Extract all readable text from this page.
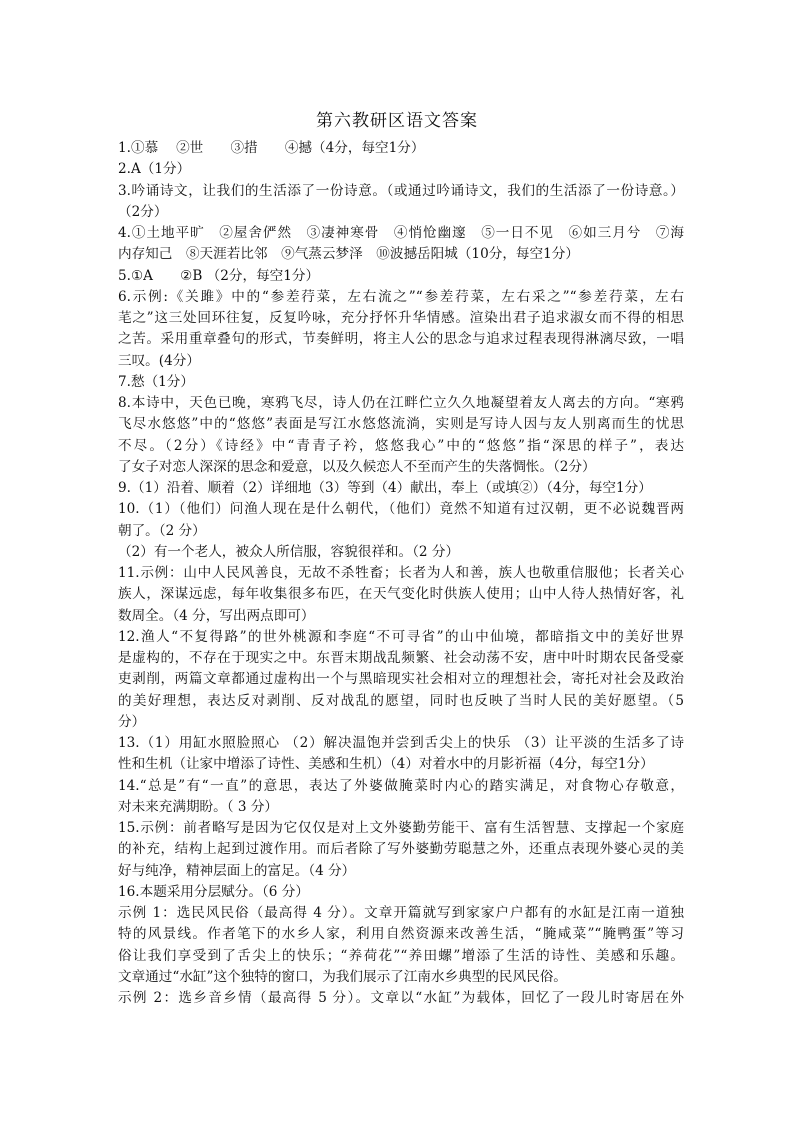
第六教研区语文答案
1.①慕　 ②世　　③措　　④撼（4分，每空1分）
2.A（1分）
3.吟诵诗文，让我们的生活添了一份诗意。（或通过吟诵诗文，我们的生活添了一份诗意。）
（2分）
4.①土地平旷　②屋舍俨然　③凄神寒骨　④悄怆幽邃　⑤一日不见　⑥如三月兮　⑦海
内存知己　⑧天涯若比邻　⑨气蒸云梦泽　⑩波撼岳阳城（10分，每空1分）
5.①A　　②B （2分，每空1分）
6.示例:《关雎》中的“参差荇菜，左右流之”“参差荇菜，左右采之”“参差荇菜，左右
芼之”这三处回环往复，反复吟咏，充分抒怀升华情感。渲染出君子追求淑女而不得的相思
之苦。采用重章叠句的形式，节奏鲜明，将主人公的思念与追求过程表现得淋漓尽致，一唱
三叹。(4分）
7.愁（1分）
8.本诗中，天色已晚，寒鸦飞尽，诗人仍在江畔伫立久久地凝望着友人离去的方向。“寒鸦
飞尽水悠悠”中的“悠悠”表面是写江水悠悠流淌，实则是写诗人因与友人别离而生的忧思
不尽。（2分）《诗经》中“青青子衿，悠悠我心”中的“悠悠”指“深思的样子”，表达
了女子对恋人深深的思念和爱意，以及久候恋人不至而产生的失落惆怅。（2分）
9.（1）沿着、顺着（2）详细地（3）等到（4）献出，奉上（或填②）（4分，每空1分）
10.（1）（他们）问渔人现在是什么朝代，（他们）竟然不知道有过汉朝，更不必说魏晋两
朝了。（2 分）
（2）有一个老人，被众人所信服，容貌很祥和。（2 分）
11.示例：山中人民风善良，无故不杀牲畜；长者为人和善，族人也敬重信服他；长者关心
族人，深谋远虑，每年收集很多布匹，在天气变化时供族人使用；山中人待人热情好客，礼
数周全。（4 分，写出两点即可）
12.渔人“不复得路”的世外桃源和李庭“不可寻省”的山中仙境，都暗指文中的美好世界
是虚构的，不存在于现实之中。东晋末期战乱频繁、社会动荡不安，唐中叶时期农民备受豪
吏剥削，两篇文章都通过虚构出一个与黑暗现实社会相对立的理想社会，寄托对社会及政治
的美好理想，表达反对剥削、反对战乱的愿望，同时也反映了当时人民的美好愿望。（5
分）
13.（1）用缸水照脸照心 （2）解决温饱并尝到舌尖上的快乐 （3）让平淡的生活多了诗
性和生机（让家中增添了诗性、美感和生机）（4）对着水中的月影祈福（4分，每空1分）
14.“总是”有“一直”的意思，表达了外婆做腌菜时内心的踏实满足，对食物心存敬意，
对未来充满期盼。（ 3 分）
15.示例：前者略写是因为它仅仅是对上文外婆勤劳能干、富有生活智慧、支撑起一个家庭
的补充，结构上起到过渡作用。而后者除了写外婆勤劳聪慧之外，还重点表现外婆心灵的美
好与纯净，精神层面上的富足。（4 分）
16.本题采用分层赋分。（6 分）
示例 1：选民风民俗（最高得 4 分）。文章开篇就写到家家户户都有的水缸是江南一道独
特的风景线。作者笔下的水乡人家，利用自然资源来改善生活，“腌咸菜”“腌鸭蛋”等习
俗让我们享受到了舌尖上的快乐；“养荷花”“养田螺”增添了生活的诗性、美感和乐趣。
文章通过“水缸”这个独特的窗口，为我们展示了江南水乡典型的民风民俗。
示例 2：选乡音乡情（最高得 5 分）。文章以“水缸”为载体，回忆了一段儿时寄居在外
